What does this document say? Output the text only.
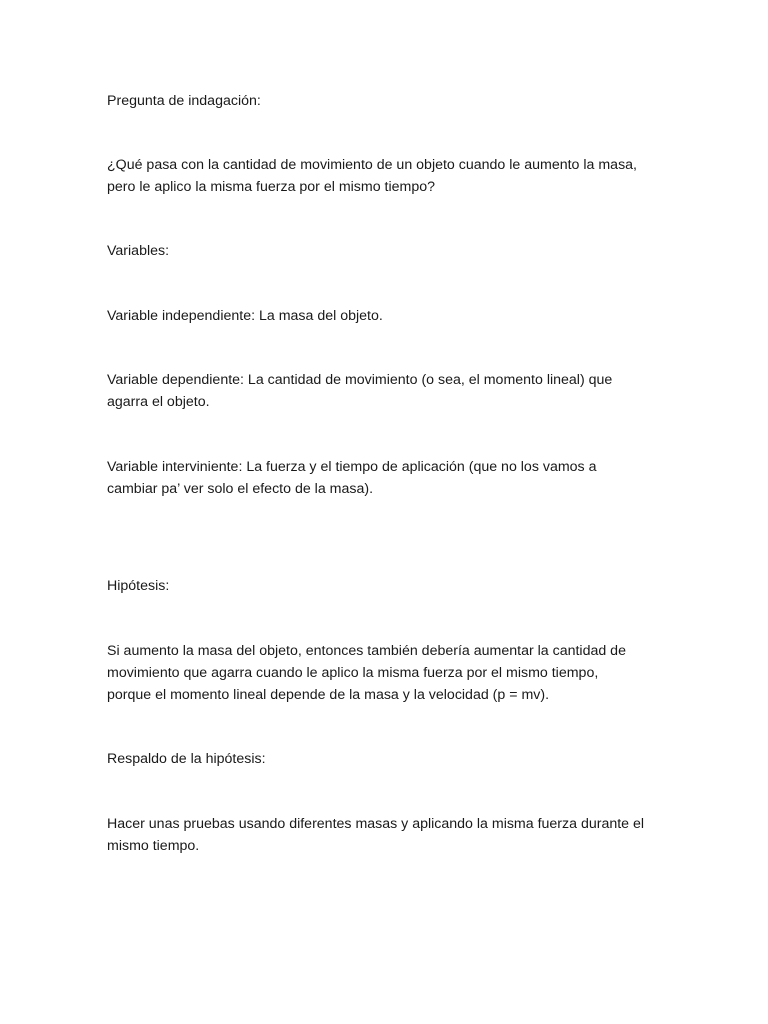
Pregunta de indagación:

¿Qué pasa con la cantidad de movimiento de un objeto cuando le aumento la masa,
pero le aplico la misma fuerza por el mismo tiempo?

Variables:

Variable independiente: La masa del objeto.

Variable dependiente: La cantidad de movimiento (o sea, el momento lineal) que
agarra el objeto.

Variable interviniente: La fuerza y el tiempo de aplicación (que no los vamos a
cambiar pa’ ver solo el efecto de la masa).

Hipótesis:

Si aumento la masa del objeto, entonces también debería aumentar la cantidad de
movimiento que agarra cuando le aplico la misma fuerza por el mismo tiempo,
porque el momento lineal depende de la masa y la velocidad (p = mv).

Respaldo de la hipótesis:

Hacer unas pruebas usando diferentes masas y aplicando la misma fuerza durante el
mismo tiempo.
